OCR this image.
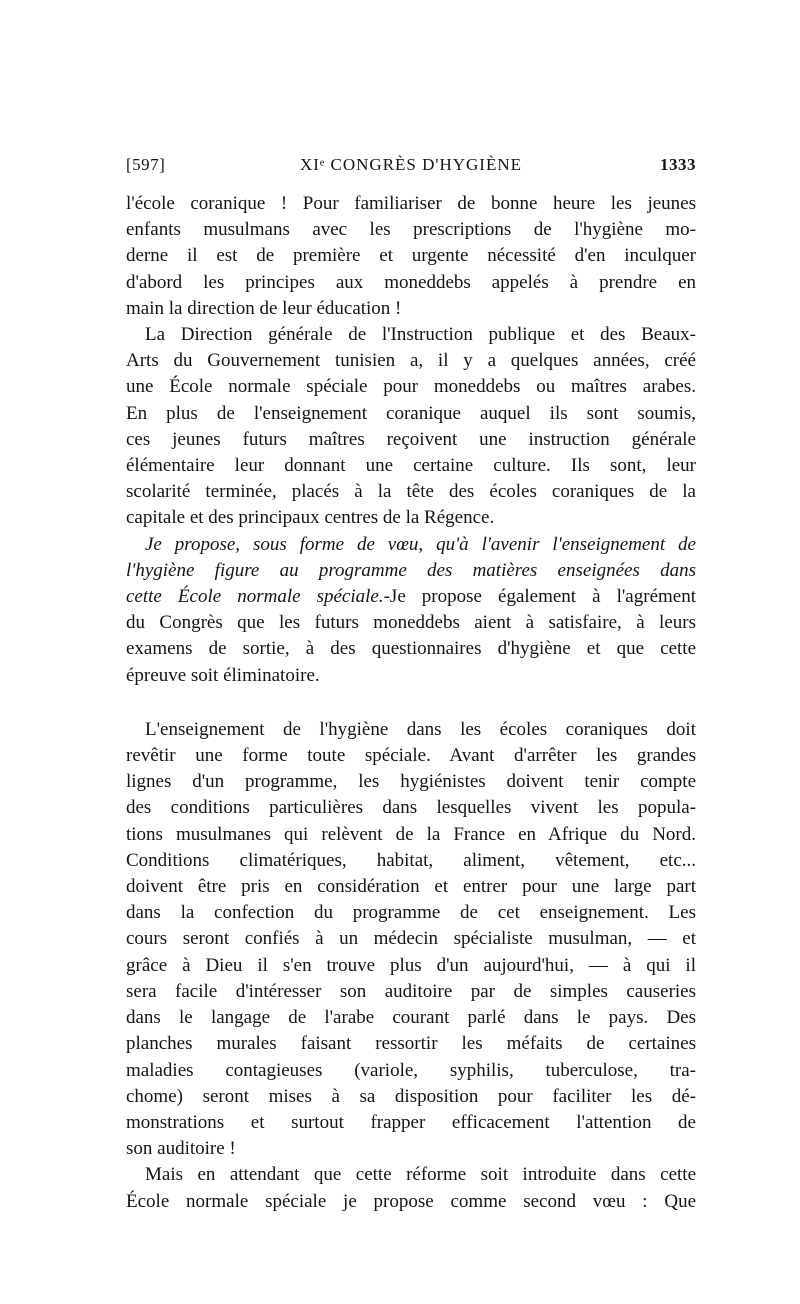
[597]	XIᵉ CONGRÈS D'HYGIÈNE	1333

l'école coranique ! Pour familiariser de bonne heure les jeunes
enfants musulmans avec les prescriptions de l'hygiène mo-
derne il est de première et urgente nécessité d'en inculquer
d'abord les principes aux moneddebs appelés à prendre en
main la direction de leur éducation !

La Direction générale de l'Instruction publique et des Beaux-
Arts du Gouvernement tunisien a, il y a quelques années, créé
une École normale spéciale pour moneddebs ou maîtres arabes.
En plus de l'enseignement coranique auquel ils sont soumis,
ces jeunes futurs maîtres reçoivent une instruction générale
élémentaire leur donnant une certaine culture. Ils sont, leur
scolarité terminée, placés à la tête des écoles coraniques de la
capitale et des principaux centres de la Régence.

Je propose, sous forme de vœu, qu'à l'avenir l'enseignement de
l'hygiène figure au programme des matières enseignées dans
cette École normale spéciale.-Je propose également à l'agrément
du Congrès que les futurs moneddebs aient à satisfaire, à leurs
examens de sortie, à des questionnaires d'hygiène et que cette
épreuve soit éliminatoire.

L'enseignement de l'hygiène dans les écoles coraniques doit
revêtir une forme toute spéciale. Avant d'arrêter les grandes
lignes d'un programme, les hygiénistes doivent tenir compte
des conditions particulières dans lesquelles vivent les popula-
tions musulmanes qui relèvent de la France en Afrique du Nord.
Conditions climatériques, habitat, aliment, vêtement, etc...
doivent être pris en considération et entrer pour une large part
dans la confection du programme de cet enseignement. Les
cours seront confiés à un médecin spécialiste musulman, — et
grâce à Dieu il s'en trouve plus d'un aujourd'hui, — à qui il
sera facile d'intéresser son auditoire par de simples causeries
dans le langage de l'arabe courant parlé dans le pays. Des
planches murales faisant ressortir les méfaits de certaines
maladies contagieuses (variole, syphilis, tuberculose, tra-
chome) seront mises à sa disposition pour faciliter les dé-
monstrations et surtout frapper efficacement l'attention de
son auditoire !

Mais en attendant que cette réforme soit introduite dans cette
École normale spéciale je propose comme second vœu : Que
